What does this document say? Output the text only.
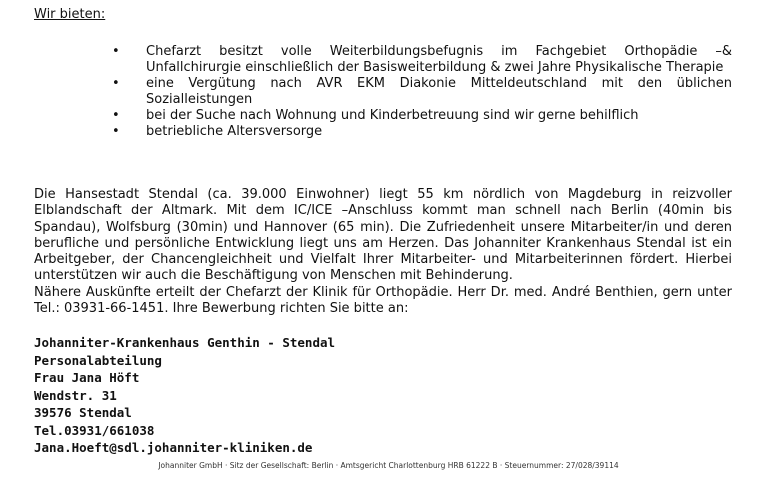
Wir bieten:

• Chefarzt besitzt volle Weiterbildungsbefugnis im Fachgebiet Orthopädie –& Unfallchirurgie einschließlich der Basisweiterbildung & zwei Jahre Physikalische Therapie
• eine Vergütung nach AVR EKM Diakonie Mitteldeutschland mit den üblichen Sozialleistungen
• bei der Suche nach Wohnung und Kinderbetreuung sind wir gerne behilflich
• betriebliche Altersversorge
Die Hansestadt Stendal (ca. 39.000 Einwohner) liegt 55 km nördlich von Magdeburg in reizvoller Elblandschaft der Altmark. Mit dem IC/ICE –Anschluss kommt man schnell nach Berlin (40min bis Spandau), Wolfsburg (30min) und Hannover (65 min). Die Zufriedenheit unsere Mitarbeiter/in und deren berufliche und persönliche Entwicklung liegt uns am Herzen. Das Johanniter Krankenhaus Stendal ist ein Arbeitgeber, der Chancengleichheit und Vielfalt Ihrer Mitarbeiter- und Mitarbeiterinnen fördert. Hierbei unterstützen wir auch die Beschäftigung von Menschen mit Behinderung.
Nähere Auskünfte erteilt der Chefarzt der Klinik für Orthopädie. Herr Dr. med. André Benthien, gern unter Tel.: 03931-66-1451. Ihre Bewerbung richten Sie bitte an:
Johanniter-Krankenhaus Genthin - Stendal
Personalabteilung
Frau Jana Höft
Wendstr. 31
39576 Stendal
Tel.03931/661038
Jana.Hoeft@sdl.johanniter-kliniken.de
Johanniter GmbH · Sitz der Gesellschaft: Berlin · Amtsgericht Charlottenburg HRB 61222 B · Steuernummer: 27/028/39114
